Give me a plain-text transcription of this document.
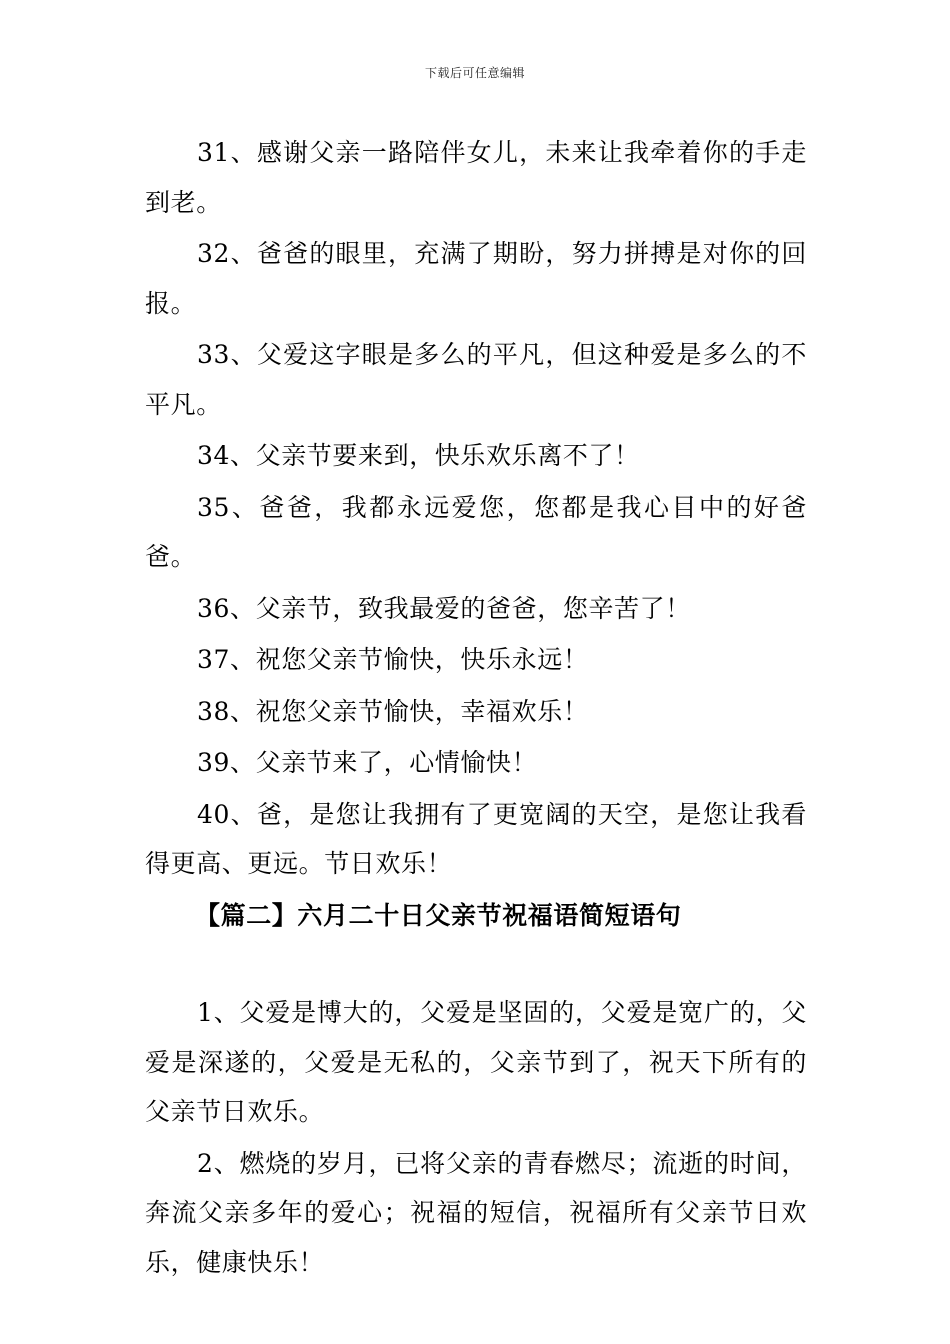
下载后可任意编辑

31、感谢父亲一路陪伴女儿，未来让我牵着你的手走到老。

32、爸爸的眼里，充满了期盼，努力拼搏是对你的回报。

33、父爱这字眼是多么的平凡，但这种爱是多么的不平凡。

34、父亲节要来到，快乐欢乐离不了！

35、爸爸，我都永远爱您，您都是我心目中的好爸爸。

36、父亲节，致我最爱的爸爸，您辛苦了！

37、祝您父亲节愉快，快乐永远！

38、祝您父亲节愉快，幸福欢乐！

39、父亲节来了，心情愉快！

40、爸，是您让我拥有了更宽阔的天空，是您让我看得更高、更远。节日欢乐！

【篇二】六月二十日父亲节祝福语简短语句

1、父爱是博大的，父爱是坚固的，父爱是宽广的，父爱是深遂的，父爱是无私的，父亲节到了，祝天下所有的父亲节日欢乐。

2、燃烧的岁月，已将父亲的青春燃尽；流逝的时间，奔流父亲多年的爱心；祝福的短信，祝福所有父亲节日欢乐，健康快乐！
